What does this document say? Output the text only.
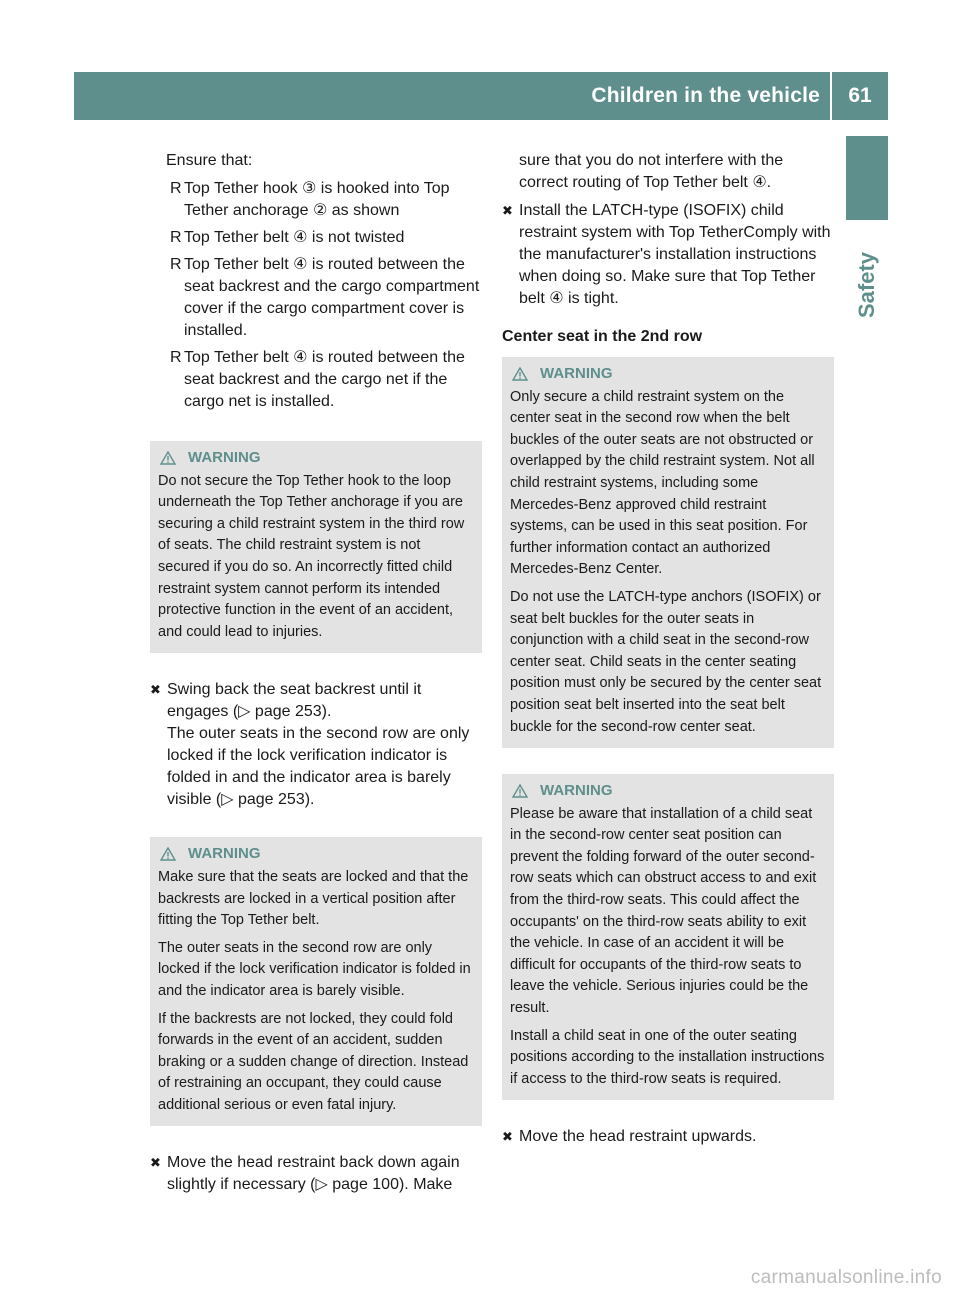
Children in the vehicle	61
Safety

Ensure that:

R Top Tether hook ③ is hooked into Top Tether anchorage ② as shown
R Top Tether belt ④ is not twisted
R Top Tether belt ④ is routed between the seat backrest and the cargo compartment cover if the cargo compartment cover is installed.
R Top Tether belt ④ is routed between the seat backrest and the cargo net if the cargo net is installed.
WARNING

Do not secure the Top Tether hook to the loop underneath the Top Tether anchorage if you are securing a child restraint system in the third row of seats. The child restraint system is not secured if you do so. An incorrectly fitted child restraint system cannot perform its intended protective function in the event of an accident, and could lead to injuries.

✖ Swing back the seat backrest until it engages (▷ page 253).

The outer seats in the second row are only locked if the lock verification indicator is folded in and the indicator area is barely visible (▷ page 253).

WARNING

Make sure that the seats are locked and that the backrests are locked in a vertical position after fitting the Top Tether belt.

The outer seats in the second row are only locked if the lock verification indicator is folded in and the indicator area is barely visible.

If the backrests are not locked, they could fold forwards in the event of an accident, sudden braking or a sudden change of direction. Instead of restraining an occupant, they could cause additional serious or even fatal injury.

✖ Move the head restraint back down again slightly if necessary (▷ page 100). Make

sure that you do not interfere with the correct routing of Top Tether belt ④.

✖ Install the LATCH-type (ISOFIX) child restraint system with Top TetherComply with the manufacturer's installation instructions when doing so. Make sure that Top Tether belt ④ is tight.

Center seat in the 2nd row

WARNING

Only secure a child restraint system on the center seat in the second row when the belt buckles of the outer seats are not obstructed or overlapped by the child restraint system. Not all child restraint systems, including some Mercedes-Benz approved child restraint systems, can be used in this seat position. For further information contact an authorized Mercedes-Benz Center.

Do not use the LATCH-type anchors (ISOFIX) or seat belt buckles for the outer seats in conjunction with a child seat in the second-row center seat. Child seats in the center seating position must only be secured by the center seat position seat belt inserted into the seat belt buckle for the second-row center seat.

WARNING

Please be aware that installation of a child seat in the second-row center seat position can prevent the folding forward of the outer second-row seats which can obstruct access to and exit from the third-row seats. This could affect the occupants' on the third-row seats ability to exit the vehicle. In case of an accident it will be difficult for occupants of the third-row seats to leave the vehicle. Serious injuries could be the result.

Install a child seat in one of the outer seating positions according to the installation instructions if access to the third-row seats is required.

✖ Move the head restraint upwards.

carmanualsonline.info
